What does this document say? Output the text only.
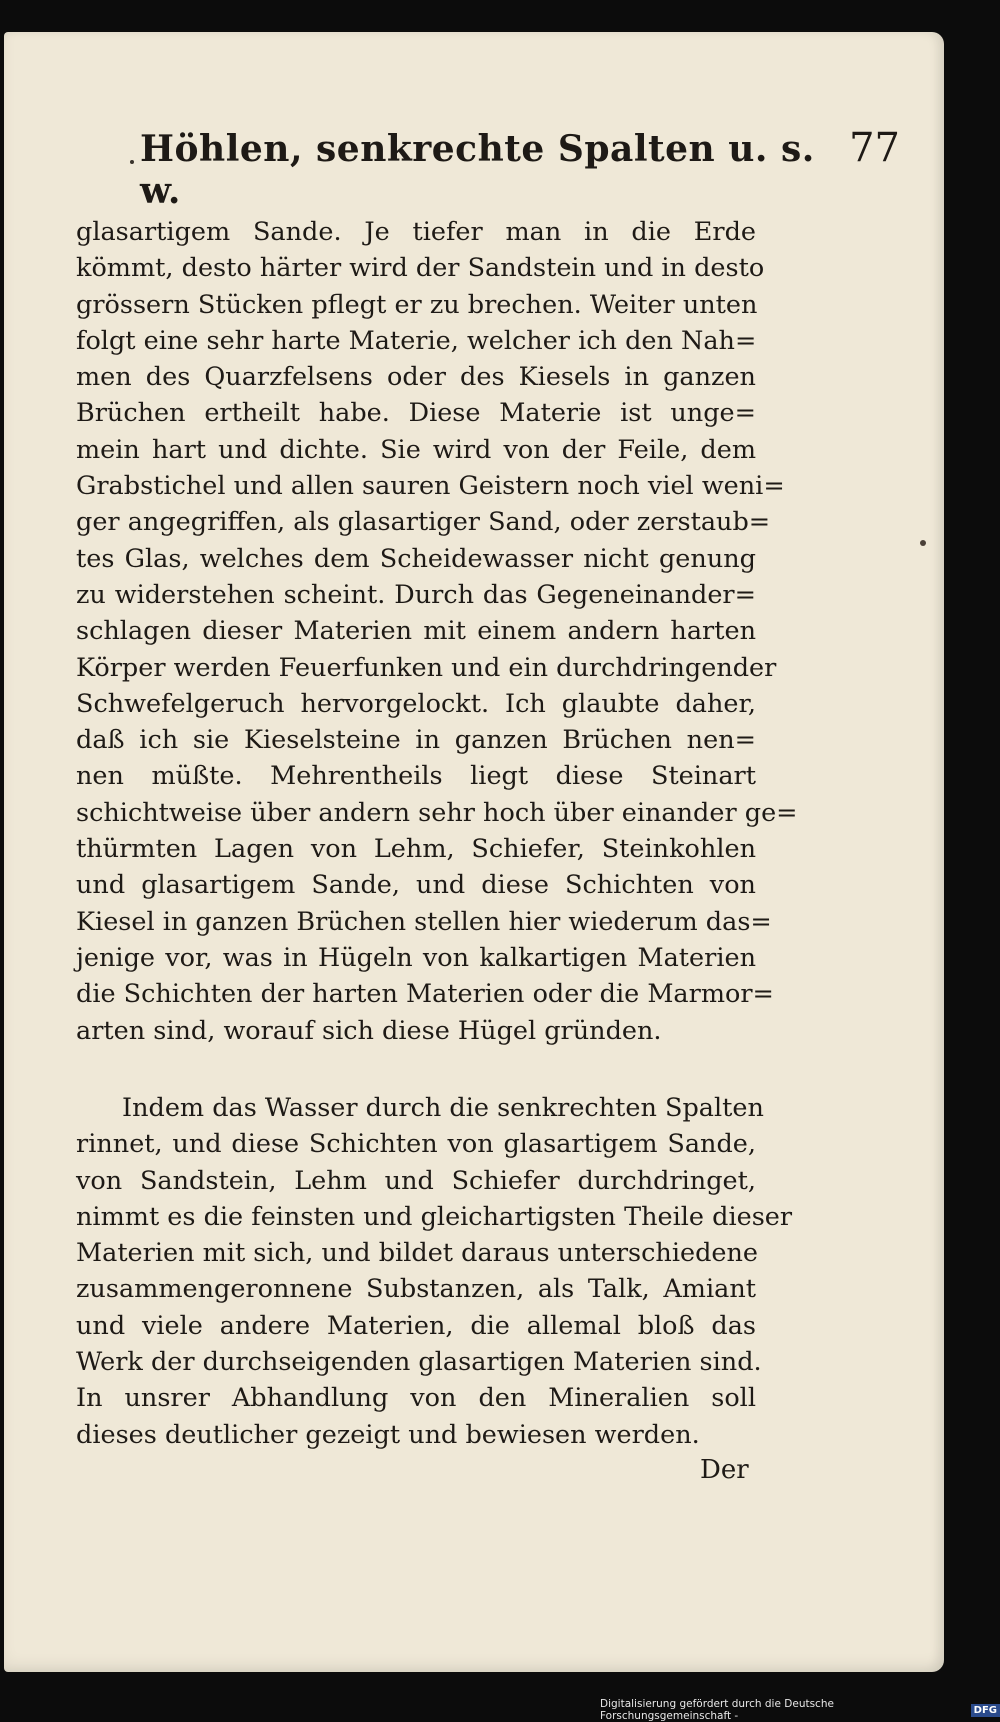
Höhlen, senkrechte Spalten u. s. w.
77
glasartigem Sande. Je tiefer man in die Erde
kömmt, desto härter wird der Sandstein und in desto
grössern Stücken pflegt er zu brechen. Weiter unten
folgt eine sehr harte Materie, welcher ich den Nah=
men des Quarzfelsens oder des Kiesels in ganzen
Brüchen ertheilt habe. Diese Materie ist unge=
mein hart und dichte. Sie wird von der Feile, dem
Grabstichel und allen sauren Geistern noch viel weni=
ger angegriffen, als glasartiger Sand, oder zerstaub=
tes Glas, welches dem Scheidewasser nicht genung
zu widerstehen scheint. Durch das Gegeneinander=
schlagen dieser Materien mit einem andern harten
Körper werden Feuerfunken und ein durchdringender
Schwefelgeruch hervorgelockt. Ich glaubte daher,
daß ich sie Kieselsteine in ganzen Brüchen nen=
nen müßte. Mehrentheils liegt diese Steinart
schichtweise über andern sehr hoch über einander ge=
thürmten Lagen von Lehm, Schiefer, Steinkohlen
und glasartigem Sande, und diese Schichten von
Kiesel in ganzen Brüchen stellen hier wiederum das=
jenige vor, was in Hügeln von kalkartigen Materien
die Schichten der harten Materien oder die Marmor=
arten sind, worauf sich diese Hügel gründen.
Indem das Wasser durch die senkrechten Spalten
rinnet, und diese Schichten von glasartigem Sande,
von Sandstein, Lehm und Schiefer durchdringet,
nimmt es die feinsten und gleichartigsten Theile dieser
Materien mit sich, und bildet daraus unterschiedene
zusammengeronnene Substanzen, als Talk, Amiant
und viele andere Materien, die allemal bloß das
Werk der durchseigenden glasartigen Materien sind.
In unsrer Abhandlung von den Mineralien soll
dieses deutlicher gezeigt und bewiesen werden.
Der
Digitalisierung gefördert durch die Deutsche Forschungsgemeinschaft -	DFG
